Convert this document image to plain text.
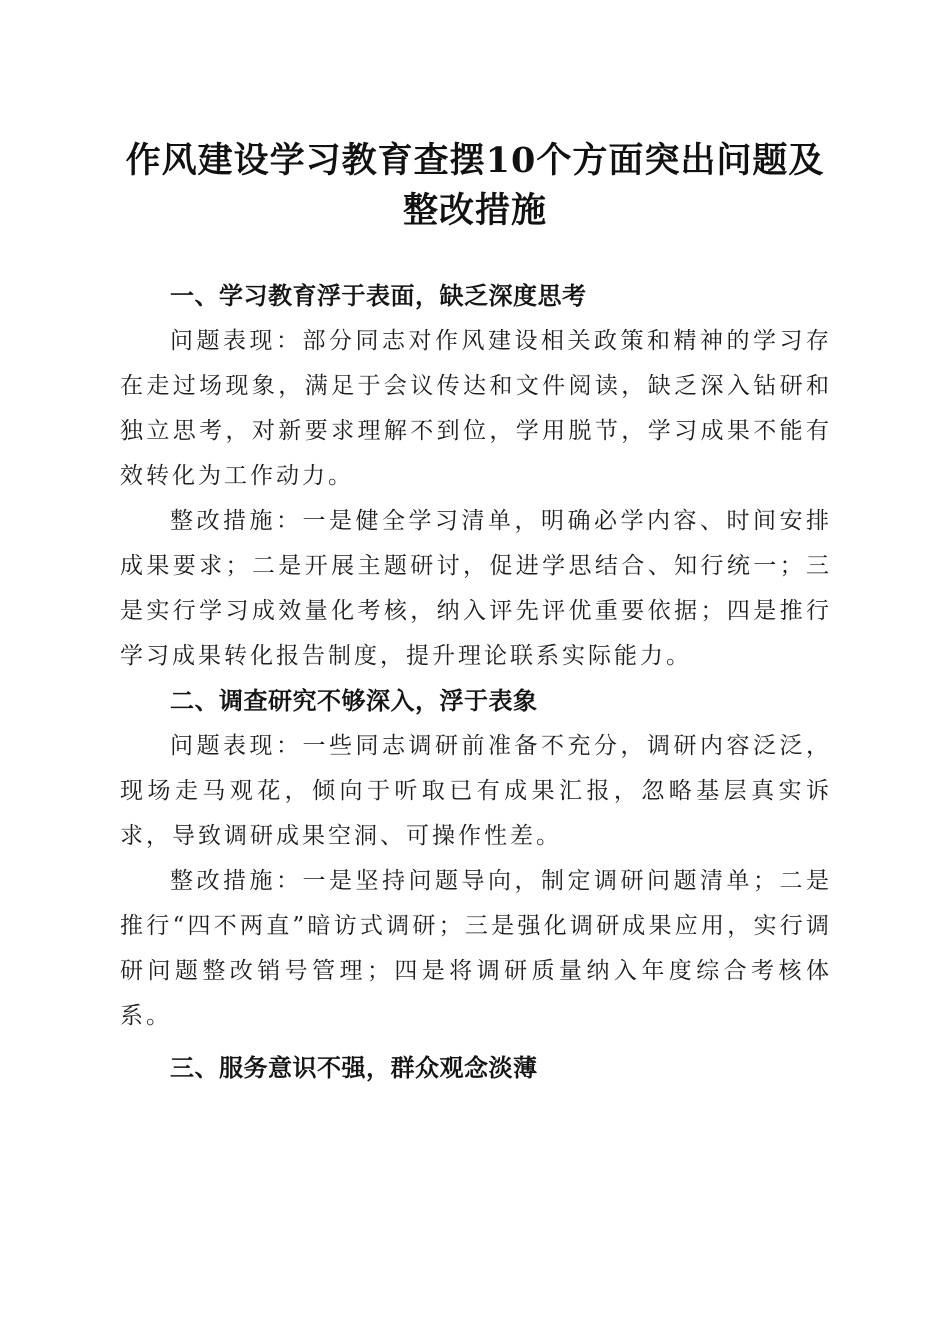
作风建设学习教育查摆10个方面突出问题及
整改措施

一、学习教育浮于表面，缺乏深度思考

问题表现：部分同志对作风建设相关政策和精神的学习存在走过场现象，满足于会议传达和文件阅读，缺乏深入钻研和独立思考，对新要求理解不到位，学用脱节，学习成果不能有效转化为工作动力。

整改措施：一是健全学习清单，明确必学内容、时间安排成果要求；二是开展主题研讨，促进学思结合、知行统一；三是实行学习成效量化考核，纳入评先评优重要依据；四是推行学习成果转化报告制度，提升理论联系实际能力。

二、调查研究不够深入，浮于表象

问题表现：一些同志调研前准备不充分，调研内容泛泛，现场走马观花，倾向于听取已有成果汇报，忽略基层真实诉求，导致调研成果空洞、可操作性差。

整改措施：一是坚持问题导向，制定调研问题清单；二是推行“四不两直”暗访式调研；三是强化调研成果应用，实行调研问题整改销号管理；四是将调研质量纳入年度综合考核体系。

三、服务意识不强，群众观念淡薄
